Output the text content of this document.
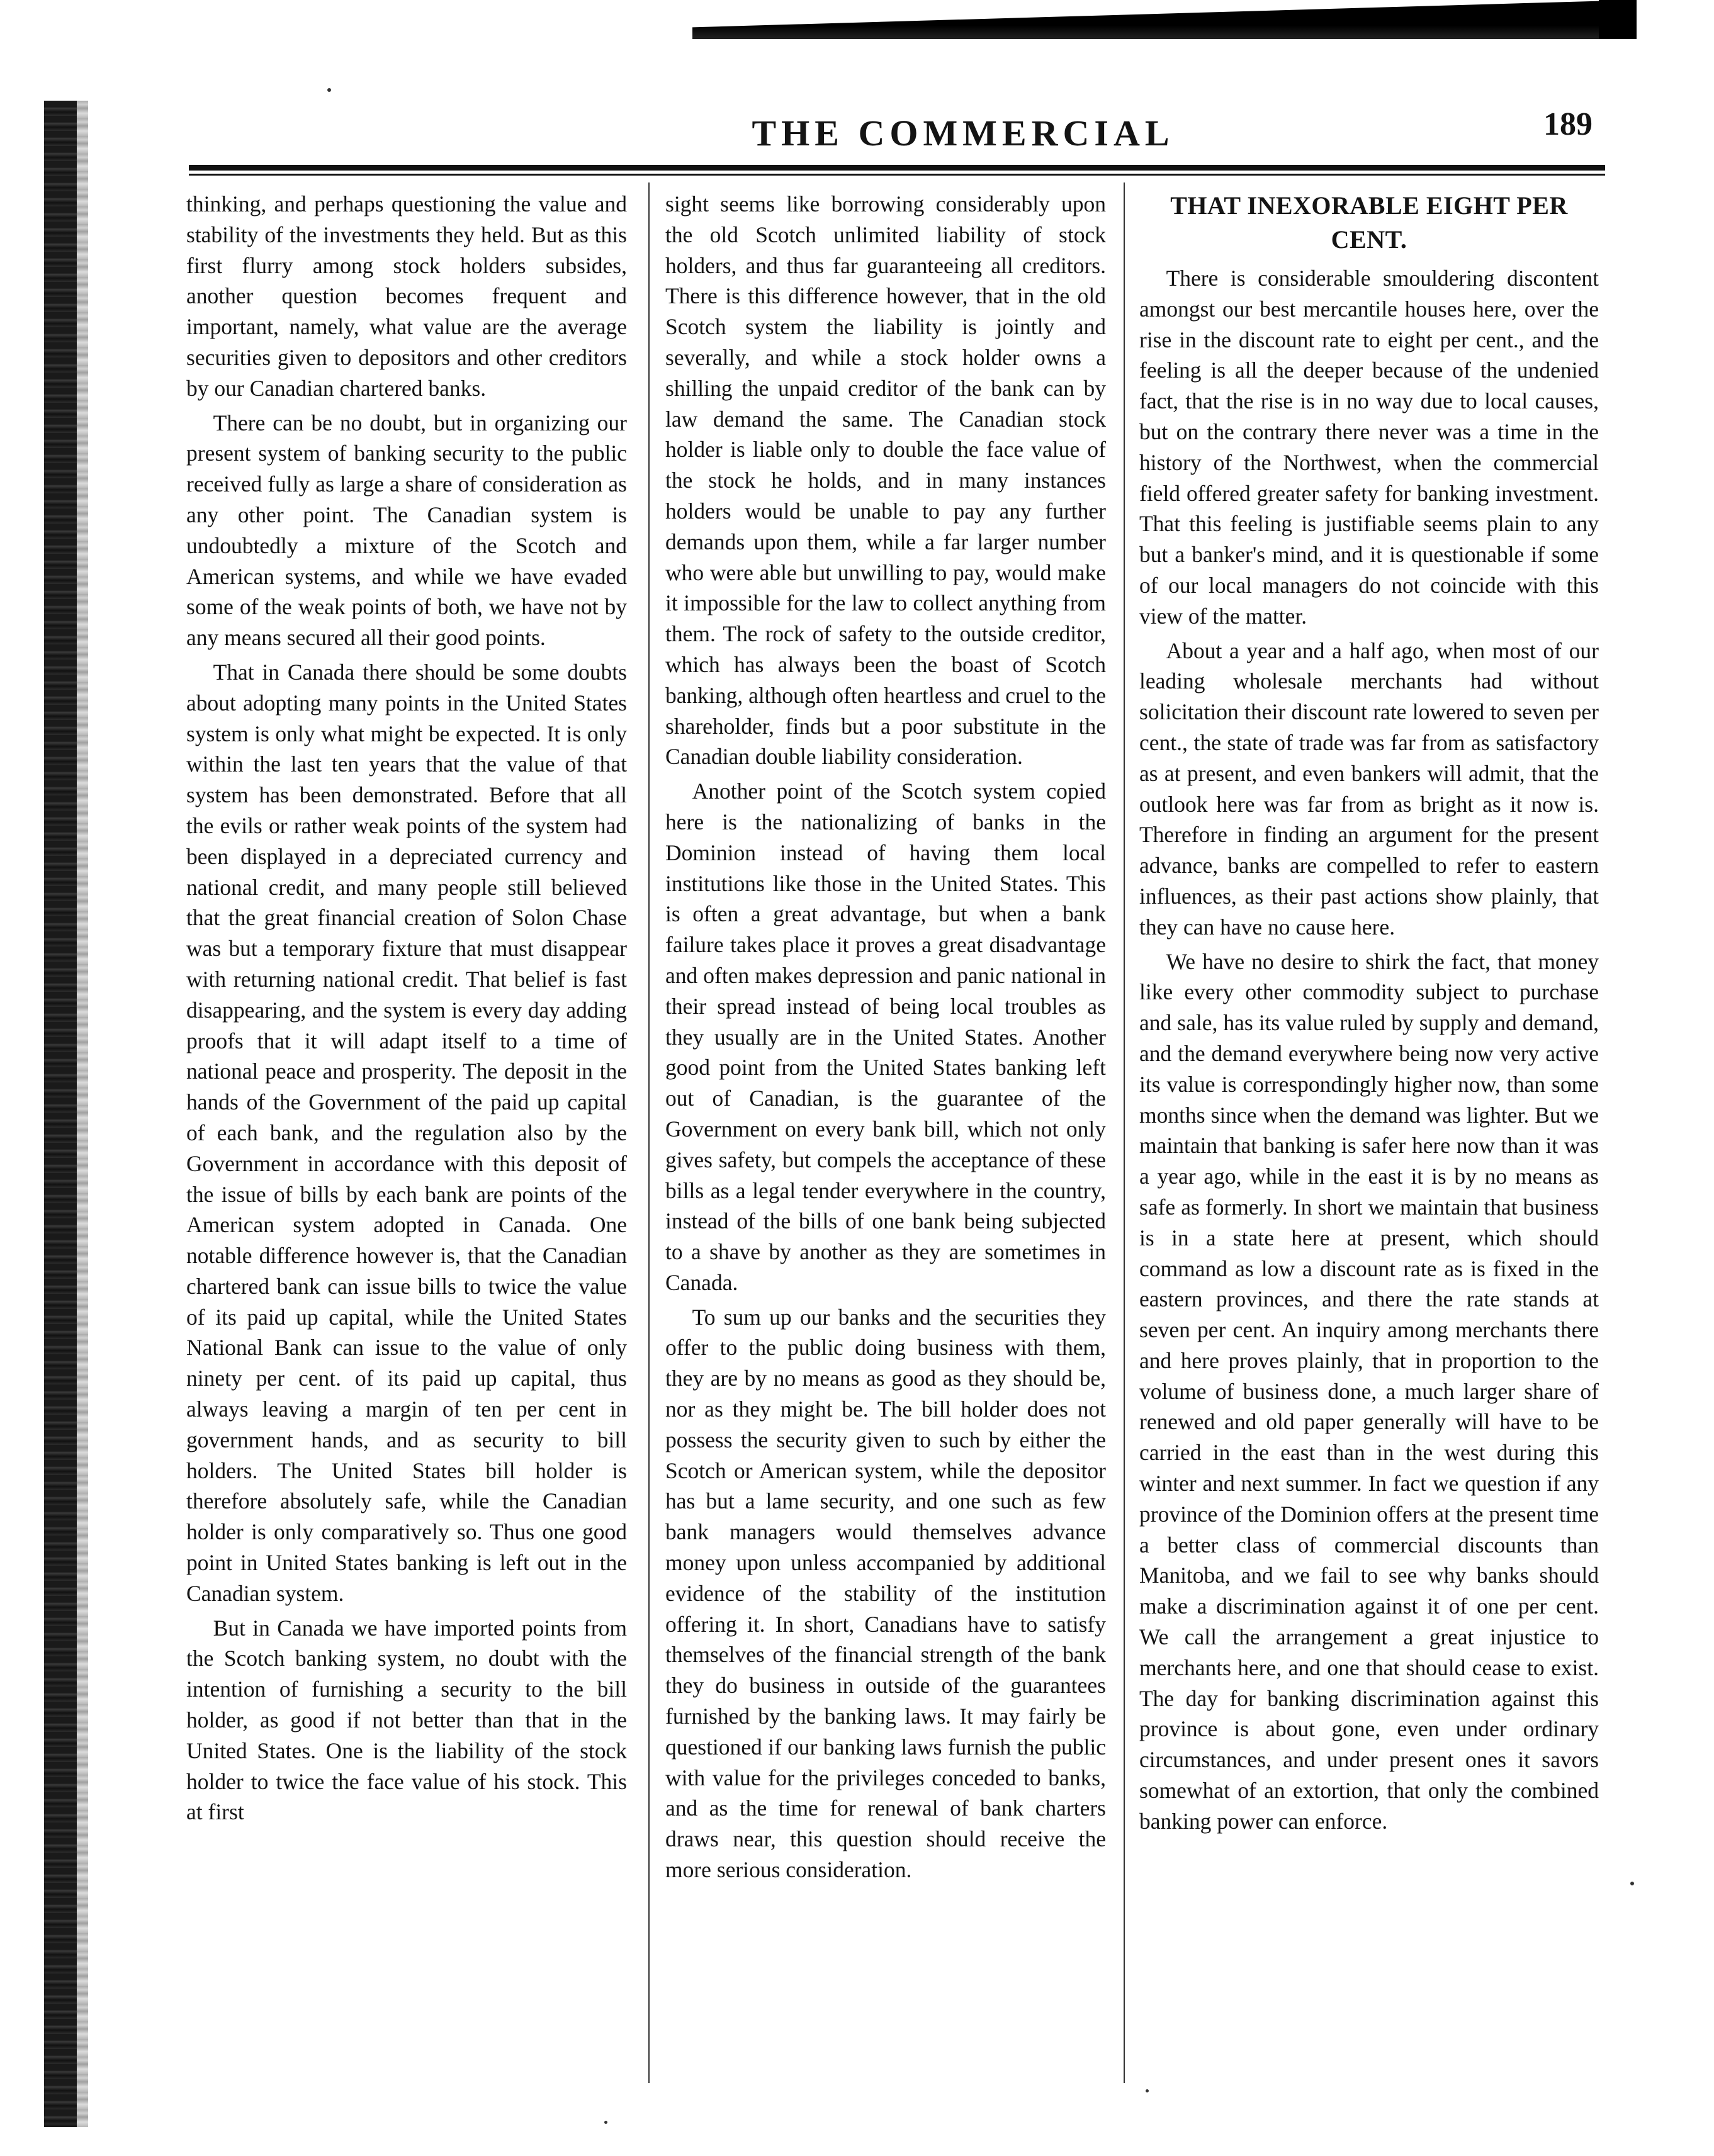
THE COMMERCIAL	189

thinking, and perhaps questioning the value and stability of the investments they held. But as this first flurry among stock holders subsides, another question becomes frequent and important, namely, what value are the average securities given to depositors and other creditors by our Canadian chartered banks.

There can be no doubt, but in organizing our present system of banking security to the public received fully as large a share of consideration as any other point. The Canadian system is undoubtedly a mixture of the Scotch and American systems, and while we have evaded some of the weak points of both, we have not by any means secured all their good points.

That in Canada there should be some doubts about adopting many points in the United States system is only what might be expected. It is only within the last ten years that the value of that system has been demonstrated. Before that all the evils or rather weak points of the system had been displayed in a depreciated currency and national credit, and many people still believed that the great financial creation of Solon Chase was but a temporary fixture that must disappear with returning national credit. That belief is fast disappearing, and the system is every day adding proofs that it will adapt itself to a time of national peace and prosperity. The deposit in the hands of the Government of the paid up capital of each bank, and the regulation also by the Government in accordance with this deposit of the issue of bills by each bank are points of the American system adopted in Canada. One notable difference however is, that the Canadian chartered bank can issue bills to twice the value of its paid up capital, while the United States National Bank can issue to the value of only ninety per cent. of its paid up capital, thus always leaving a margin of ten per cent in government hands, and as security to bill holders. The United States bill holder is therefore absolutely safe, while the Canadian holder is only comparatively so. Thus one good point in United States banking is left out in the Canadian system.

But in Canada we have imported points from the Scotch banking system, no doubt with the intention of furnishing a security to the bill holder, as good if not better than that in the United States. One is the liability of the stock holder to twice the face value of his stock. This at first

sight seems like borrowing considerably upon the old Scotch unlimited liability of stock holders, and thus far guaranteeing all creditors. There is this difference however, that in the old Scotch system the liability is jointly and severally, and while a stock holder owns a shilling the unpaid creditor of the bank can by law demand the same. The Canadian stock holder is liable only to double the face value of the stock he holds, and in many instances holders would be unable to pay any further demands upon them, while a far larger number who were able but unwilling to pay, would make it impossible for the law to collect anything from them. The rock of safety to the outside creditor, which has always been the boast of Scotch banking, although often heartless and cruel to the shareholder, finds but a poor substitute in the Canadian double liability consideration.

Another point of the Scotch system copied here is the nationalizing of banks in the Dominion instead of having them local institutions like those in the United States. This is often a great advantage, but when a bank failure takes place it proves a great disadvantage and often makes depression and panic national in their spread instead of being local troubles as they usually are in the United States. Another good point from the United States banking left out of Canadian, is the guarantee of the Government on every bank bill, which not only gives safety, but compels the acceptance of these bills as a legal tender everywhere in the country, instead of the bills of one bank being subjected to a shave by another as they are sometimes in Canada.

To sum up our banks and the securities they offer to the public doing business with them, they are by no means as good as they should be, nor as they might be. The bill holder does not possess the security given to such by either the Scotch or American system, while the depositor has but a lame security, and one such as few bank managers would themselves advance money upon unless accompanied by additional evidence of the stability of the institution offering it. In short, Canadians have to satisfy themselves of the financial strength of the bank they do business in outside of the guarantees furnished by the banking laws. It may fairly be questioned if our banking laws furnish the public with value for the privileges conceded to banks, and as the time for renewal of bank charters draws near, this question should receive the more serious consideration.

THAT INEXORABLE EIGHT PER CENT.

There is considerable smouldering discontent amongst our best mercantile houses here, over the rise in the discount rate to eight per cent., and the feeling is all the deeper because of the undenied fact, that the rise is in no way due to local causes, but on the contrary there never was a time in the history of the Northwest, when the commercial field offered greater safety for banking investment. That this feeling is justifiable seems plain to any but a banker's mind, and it is questionable if some of our local managers do not coincide with this view of the matter.

About a year and a half ago, when most of our leading wholesale merchants had without solicitation their discount rate lowered to seven per cent., the state of trade was far from as satisfactory as at present, and even bankers will admit, that the outlook here was far from as bright as it now is. Therefore in finding an argument for the present advance, banks are compelled to refer to eastern influences, as their past actions show plainly, that they can have no cause here.

We have no desire to shirk the fact, that money like every other commodity subject to purchase and sale, has its value ruled by supply and demand, and the demand everywhere being now very active its value is correspondingly higher now, than some months since when the demand was lighter. But we maintain that banking is safer here now than it was a year ago, while in the east it is by no means as safe as formerly. In short we maintain that business is in a state here at present, which should command as low a discount rate as is fixed in the eastern provinces, and there the rate stands at seven per cent. An inquiry among merchants there and here proves plainly, that in proportion to the volume of business done, a much larger share of renewed and old paper generally will have to be carried in the east than in the west during this winter and next summer. In fact we question if any province of the Dominion offers at the present time a better class of commercial discounts than Manitoba, and we fail to see why banks should make a discrimination against it of one per cent. We call the arrangement a great injustice to merchants here, and one that should cease to exist. The day for banking discrimination against this province is about gone, even under ordinary circumstances, and under present ones it savors somewhat of an extortion, that only the combined banking power can enforce.
